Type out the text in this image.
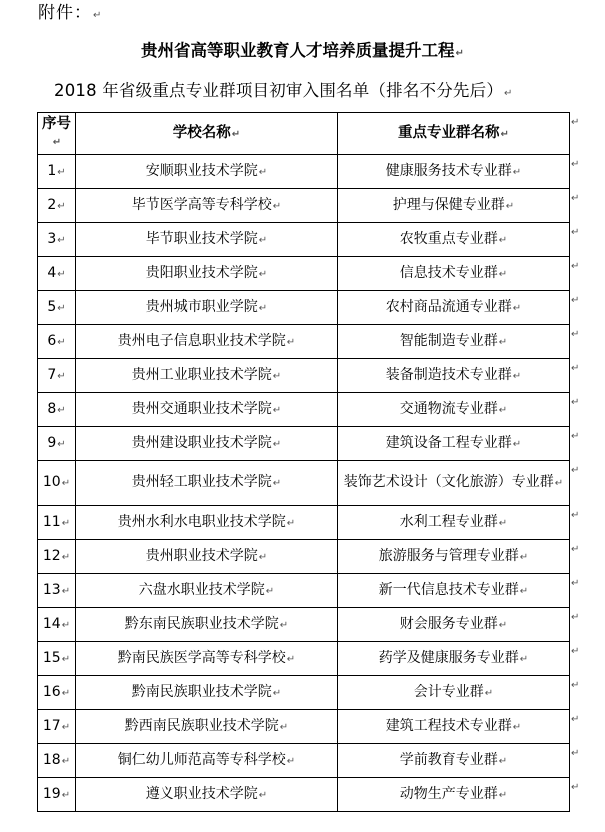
附件：↵
贵州省高等职业教育人才培养质量提升工程↵
2018 年省级重点专业群项目初审入围名单（排名不分先后）↵
序号↵	学校名称↵	重点专业群名称↵
1↵	安顺职业技术学院↵	健康服务技术专业群↵
2↵	毕节医学高等专科学校↵	护理与保健专业群↵
3↵	毕节职业技术学院↵	农牧重点专业群↵
4↵	贵阳职业技术学院↵	信息技术专业群↵
5↵	贵州城市职业学院↵	农村商品流通专业群↵
6↵	贵州电子信息职业技术学院↵	智能制造专业群↵
7↵	贵州工业职业技术学院↵	装备制造技术专业群↵
8↵	贵州交通职业技术学院↵	交通物流专业群↵
9↵	贵州建设职业技术学院↵	建筑设备工程专业群↵
10↵	贵州轻工职业技术学院↵	装饰艺术设计（文化旅游）专业群↵
11↵	贵州水利水电职业技术学院↵	水利工程专业群↵
12↵	贵州职业技术学院↵	旅游服务与管理专业群↵
13↵	六盘水职业技术学院↵	新一代信息技术专业群↵
14↵	黔东南民族职业技术学院↵	财会服务专业群↵
15↵	黔南民族医学高等专科学校↵	药学及健康服务专业群↵
16↵	黔南民族职业技术学院↵	会计专业群↵
17↵	黔西南民族职业技术学院↵	建筑工程技术专业群↵
18↵	铜仁幼儿师范高等专科学校↵	学前教育专业群↵
19↵	遵义职业技术学院↵	动物生产专业群↵
↵
↵
↵
↵
↵
↵
↵
↵
↵
↵
↵
↵
↵
↵
↵
↵
↵
↵
↵
↵
